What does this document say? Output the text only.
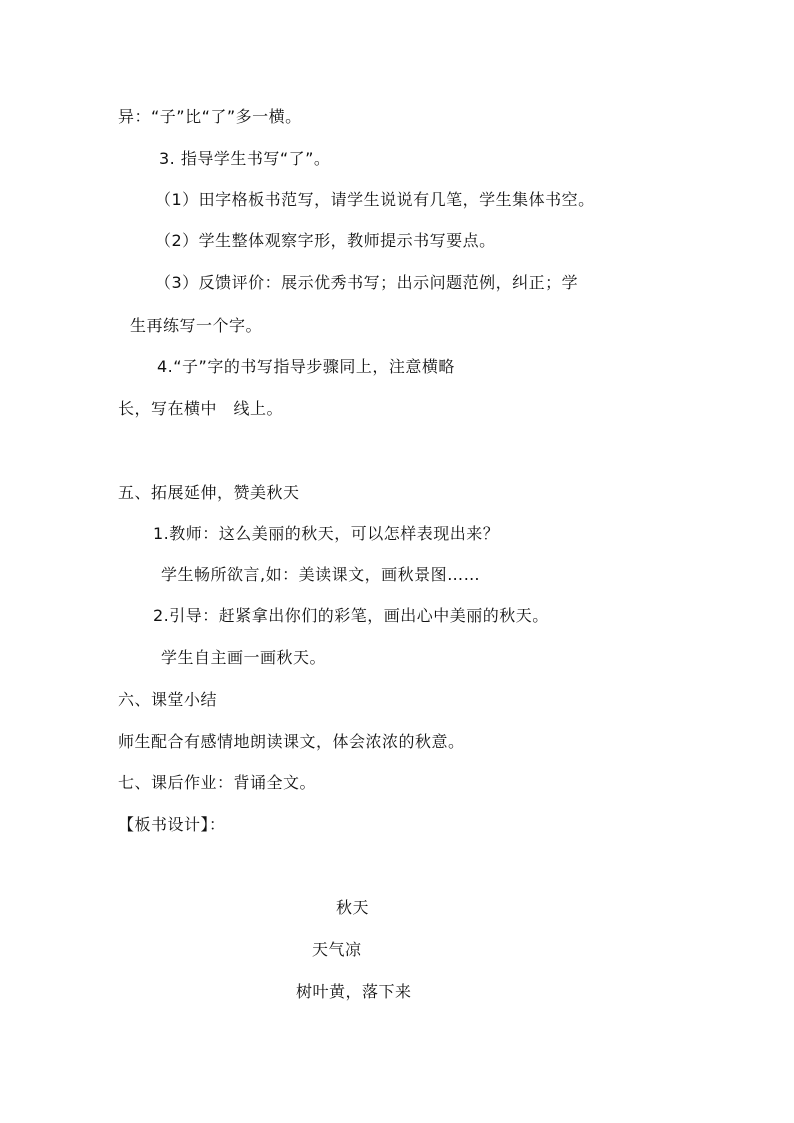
异：“子”比“了”多一横。
3. 指导学生书写“了”。
（1）田字格板书范写，请学生说说有几笔，学生集体书空。
（2）学生整体观察字形，教师提示书写要点。
（3）反馈评价：展示优秀书写；出示问题范例，纠正；学
生再练写一个字。
4.“子”字的书写指导步骤同上，注意横略
长，写在横中　线上。
五、拓展延伸，赞美秋天
1.教师：这么美丽的秋天，可以怎样表现出来？
学生畅所欲言,如：美读课文，画秋景图……
2.引导：赶紧拿出你们的彩笔，画出心中美丽的秋天。
学生自主画一画秋天。
六、课堂小结
师生配合有感情地朗读课文，体会浓浓的秋意。
七、课后作业：背诵全文。
【板书设计】：
秋天
天气凉
树叶黄，落下来
